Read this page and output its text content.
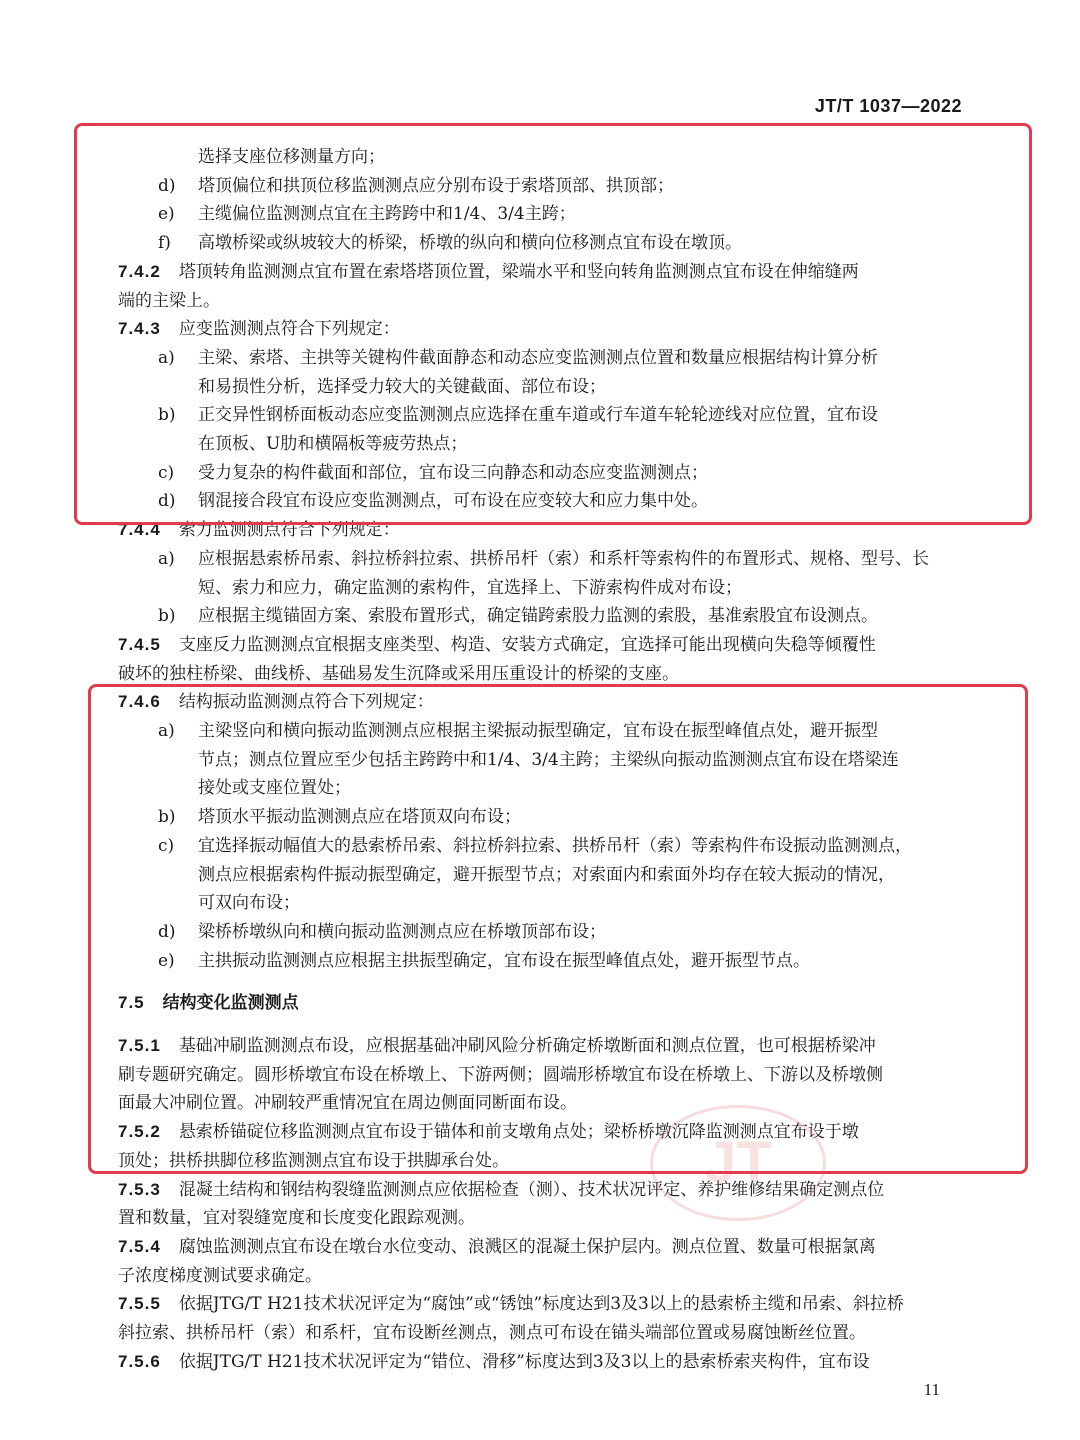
JT/T 1037—2022
选择支座位移测量方向；
d) 塔顶偏位和拱顶位移监测测点应分别布设于索塔顶部、拱顶部；
e) 主缆偏位监测测点宜在主跨跨中和1/4、3/4主跨；
f) 高墩桥梁或纵坡较大的桥梁，桥墩的纵向和横向位移测点宜布设在墩顶。
7.4.2 塔顶转角监测测点宜布置在索塔塔顶位置，梁端水平和竖向转角监测测点宜布设在伸缩缝两
端的主梁上。
7.4.3 应变监测测点符合下列规定：
a) 主梁、索塔、主拱等关键构件截面静态和动态应变监测测点位置和数量应根据结构计算分析
和易损性分析，选择受力较大的关键截面、部位布设；
b) 正交异性钢桥面板动态应变监测测点应选择在重车道或行车道车轮轮迹线对应位置，宜布设
在顶板、U肋和横隔板等疲劳热点；
c) 受力复杂的构件截面和部位，宜布设三向静态和动态应变监测测点；
d) 钢混接合段宜布设应变监测测点，可布设在应变较大和应力集中处。
7.4.4 索力监测测点符合下列规定：
a) 应根据悬索桥吊索、斜拉桥斜拉索、拱桥吊杆（索）和系杆等索构件的布置形式、规格、型号、长
短、索力和应力，确定监测的索构件，宜选择上、下游索构件成对布设；
b) 应根据主缆锚固方案、索股布置形式，确定锚跨索股力监测的索股，基准索股宜布设测点。
7.4.5 支座反力监测测点宜根据支座类型、构造、安装方式确定，宜选择可能出现横向失稳等倾覆性
破坏的独柱桥梁、曲线桥、基础易发生沉降或采用压重设计的桥梁的支座。
7.4.6 结构振动监测测点符合下列规定：
a) 主梁竖向和横向振动监测测点应根据主梁振动振型确定，宜布设在振型峰值点处，避开振型
节点；测点位置应至少包括主跨跨中和1/4、3/4主跨；主梁纵向振动监测测点宜布设在塔梁连
接处或支座位置处；
b) 塔顶水平振动监测测点应在塔顶双向布设；
c) 宜选择振动幅值大的悬索桥吊索、斜拉桥斜拉索、拱桥吊杆（索）等索构件布设振动监测测点，
测点应根据索构件振动振型确定，避开振型节点；对索面内和索面外均存在较大振动的情况，
可双向布设；
d) 梁桥桥墩纵向和横向振动监测测点应在桥墩顶部布设；
e) 主拱振动监测测点应根据主拱振型确定，宜布设在振型峰值点处，避开振型节点。
7.5 结构变化监测测点
7.5.1 基础冲刷监测测点布设，应根据基础冲刷风险分析确定桥墩断面和测点位置，也可根据桥梁冲
刷专题研究确定。圆形桥墩宜布设在桥墩上、下游两侧；圆端形桥墩宜布设在桥墩上、下游以及桥墩侧
面最大冲刷位置。冲刷较严重情况宜在周边侧面同断面布设。
7.5.2 悬索桥锚碇位移监测测点宜布设于锚体和前支墩角点处；梁桥桥墩沉降监测测点宜布设于墩
顶处；拱桥拱脚位移监测测点宜布设于拱脚承台处。
7.5.3 混凝土结构和钢结构裂缝监测测点应依据检查（测）、技术状况评定、养护维修结果确定测点位
置和数量，宜对裂缝宽度和长度变化跟踪观测。
7.5.4 腐蚀监测测点宜布设在墩台水位变动、浪溅区的混凝土保护层内。测点位置、数量可根据氯离
子浓度梯度测试要求确定。
7.5.5 依据JTG/T H21技术状况评定为“腐蚀”或“锈蚀”标度达到3及3以上的悬索桥主缆和吊索、斜拉桥
斜拉索、拱桥吊杆（索）和系杆，宜布设断丝测点，测点可布设在锚头端部位置或易腐蚀断丝位置。
7.5.6 依据JTG/T H21技术状况评定为“错位、滑移”标度达到3及3以上的悬索桥索夹构件，宜布设
JT
11
